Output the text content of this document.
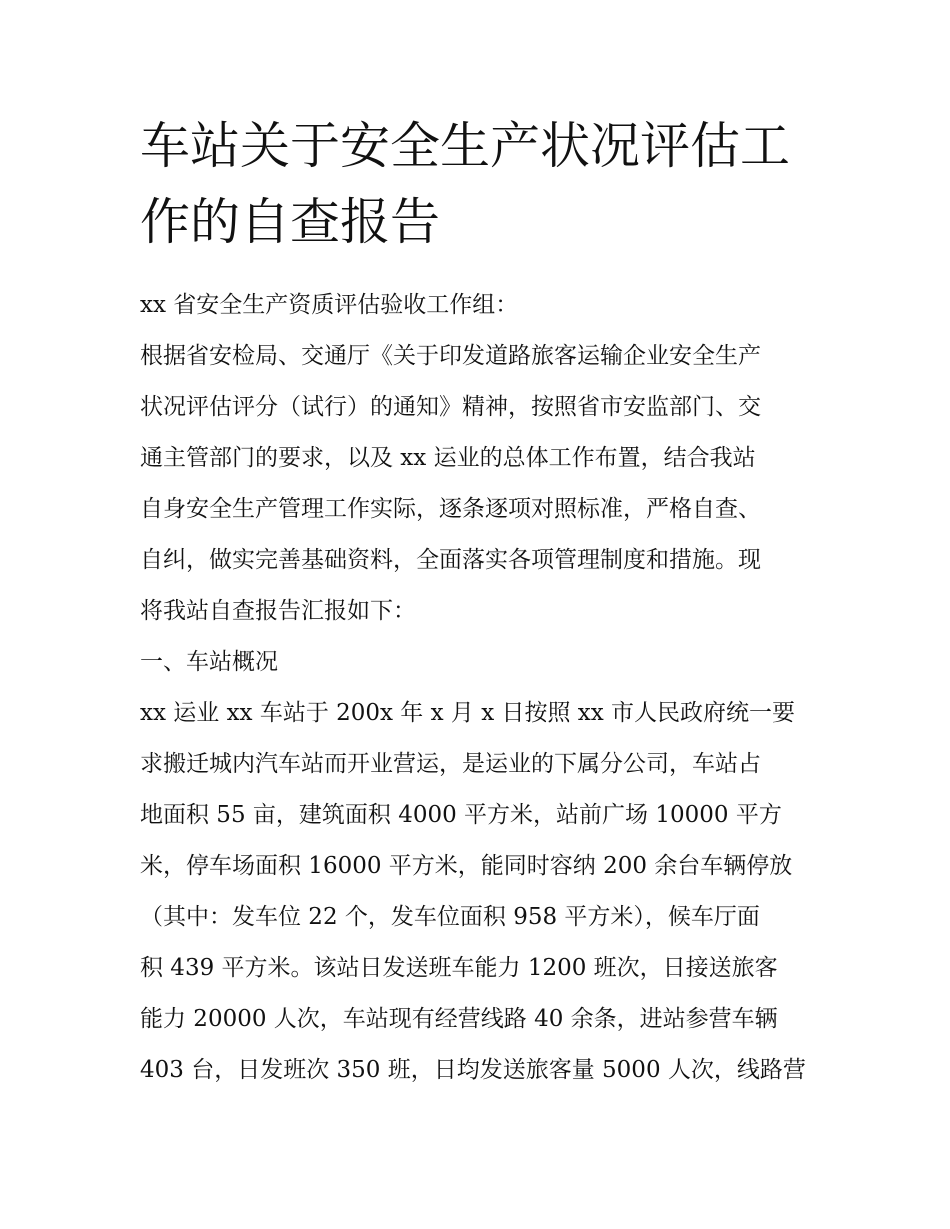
车站关于安全生产状况评估工
作的自查报告
xx 省安全生产资质评估验收工作组：
根据省安检局、交通厅《关于印发道路旅客运输企业安全生产
状况评估评分（试行）的通知》精神，按照省市安监部门、交
通主管部门的要求，以及 xx 运业的总体工作布置，结合我站
自身安全生产管理工作实际，逐条逐项对照标准，严格自查、
自纠，做实完善基础资料，全面落实各项管理制度和措施。现
将我站自查报告汇报如下：
一、车站概况
xx 运业 xx 车站于 200x 年 x 月 x 日按照 xx 市人民政府统一要
求搬迁城内汽车站而开业营运，是运业的下属分公司，车站占
地面积 55 亩，建筑面积 4000 平方米，站前广场 10000 平方
米，停车场面积 16000 平方米，能同时容纳 200 余台车辆停放
（其中：发车位 22 个，发车位面积 958 平方米），候车厅面
积 439 平方米。该站日发送班车能力 1200 班次，日接送旅客
能力 20000 人次，车站现有经营线路 40 余条，进站参营车辆
403 台，日发班次 350 班，日均发送旅客量 5000 人次，线路营
